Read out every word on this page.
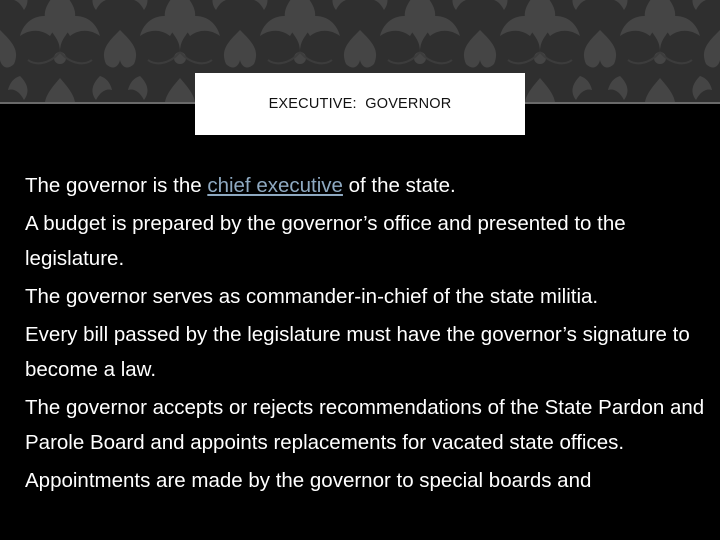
EXECUTIVE:  GOVERNOR

The governor is the chief executive of the state.

A budget is prepared by the governor’s office and presented to the legislature.

The governor serves as commander-in-chief of the state militia.

Every bill passed by the legislature must have the governor’s signature to become a law.

The governor accepts or rejects recommendations of the State Pardon and Parole Board and appoints replacements for vacated state offices.

Appointments are made by the governor to special boards and
